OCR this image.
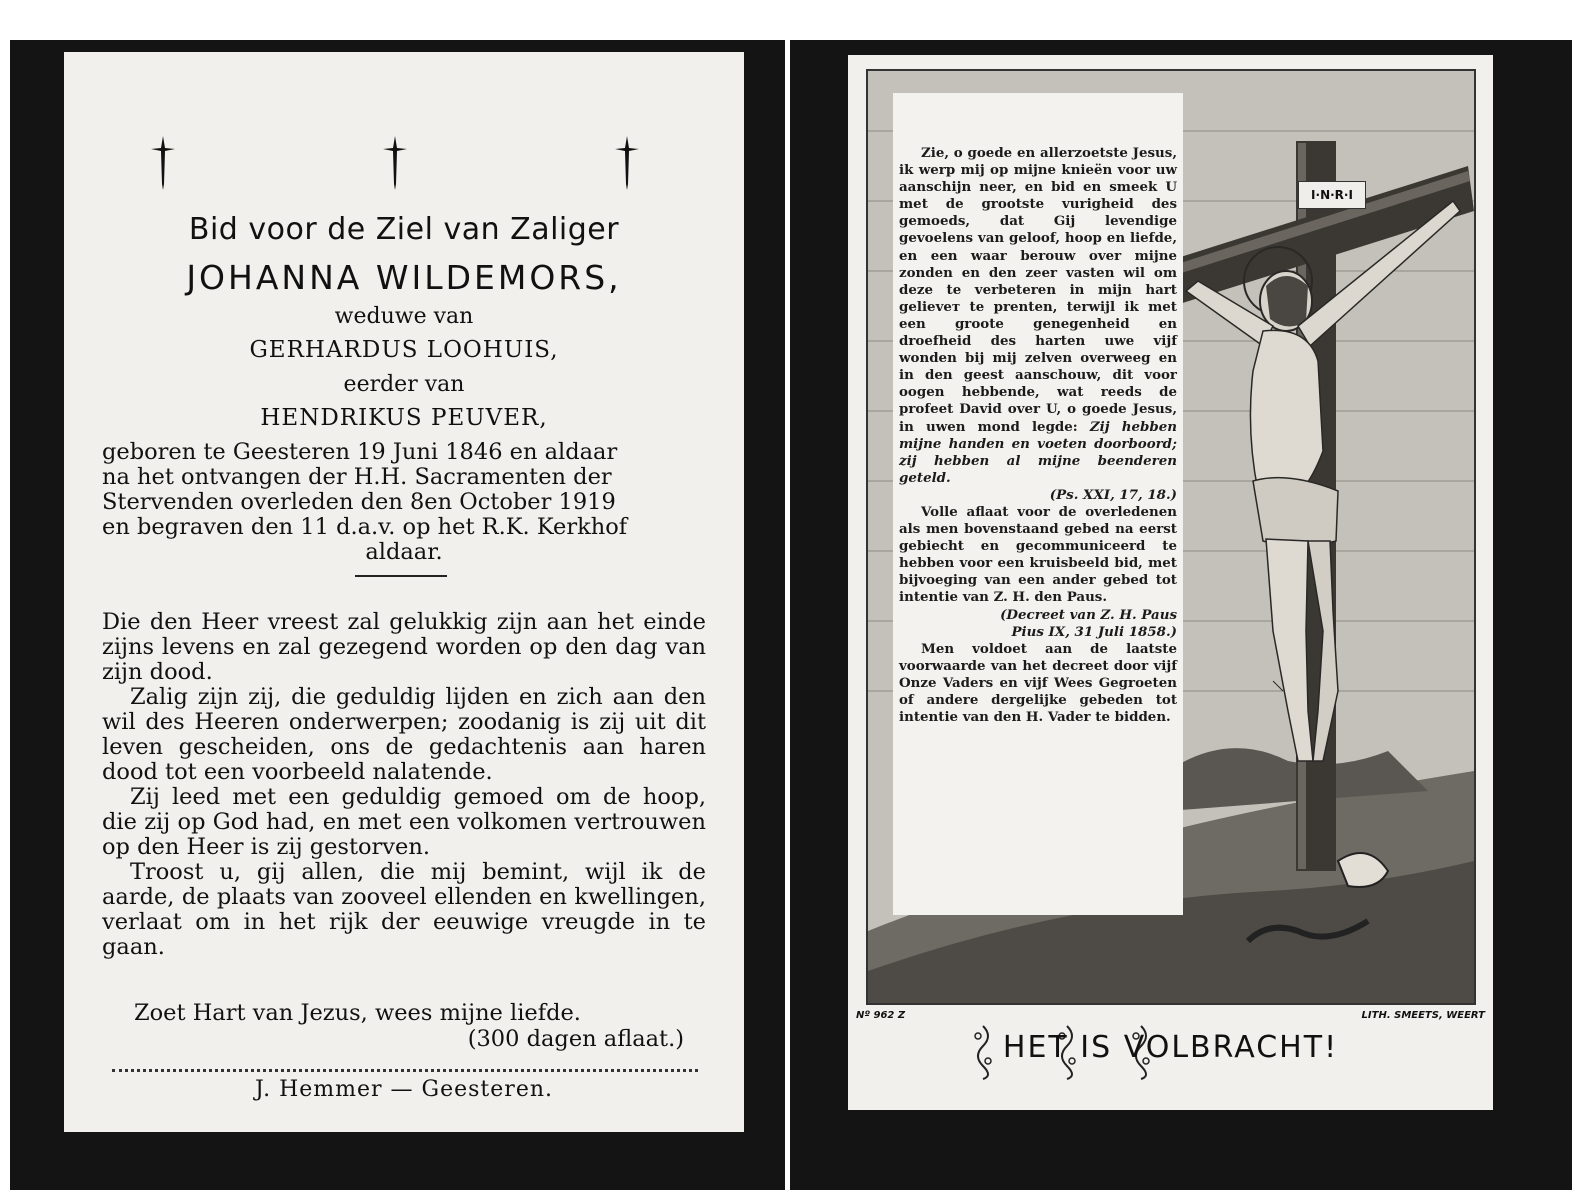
Bid voor de Ziel van Zaliger
JOHANNA WILDEMORS,
weduwe van
GERHARDUS LOOHUIS,
eerder van
HENDRIKUS PEUVER,

geboren te Geesteren 19 Juni 1846 en aldaar

na het ontvangen der H.H. Sacramenten der

Stervenden overleden den 8en October 1919

en begraven den 11 d.a.v. op het R.K. Kerkhof

aldaar.

Die den Heer vreest zal gelukkig zijn aan het einde zijns levens en zal gezegend worden op den dag van zijn dood.

Zalig zijn zij, die geduldig lijden en zich aan den wil des Heeren onderwerpen; zoodanig is zij uit dit leven gescheiden, ons de gedachtenis aan haren dood tot een voorbeeld nalatende.

Zij leed met een geduldig gemoed om de hoop, die zij op God had, en met een volkomen vertrouwen op den Heer is zij gestorven.

Troost u, gij allen, die mij bemint, wijl ik de aarde, de plaats van zooveel ellenden en kwellingen, verlaat om in het rijk der eeuwige vreugde in te gaan.

Zoet Hart van Jezus, wees mijne liefde.
(300 dagen aflaat.)
J. Hemmer — Geesteren.
I·N·R·I

Zie, o goede en allerzoetste Jesus, ik werp mij op mijne knieën voor uw aanschijn neer, en bid en smeek U met de grootste vurigheid des gemoeds, dat Gij levendige gevoelens van geloof, hoop en liefde, en een waar berouw over mijne zonden en den zeer vasten wil om deze te verbeteren in mijn hart gelieveт te prenten, terwijl ik met een groote genegenheid en droefheid des harten uwe vijf wonden bij mij zelven overweeg en in den geest aanschouw, dit voor oogen hebbende, wat reeds de profeet David over U, o goede Jesus, in uwen mond legde: Zij hebben mijne handen en voeten doorboord; zij hebben al mijne beenderen geteld.

(Ps. XXI, 17, 18.)

Volle aflaat voor de overledenen als men bovenstaand gebed na eerst gebiecht en gecommuniceerd te hebben voor een kruisbeeld bid, met bijvoeging van een ander gebed tot intentie van Z. H. den Paus.

(Decreet van Z. H. Paus

Pius IX, 31 Juli 1858.)

Men voldoet aan de laatste voorwaarde van het decreet door vijf Onze Vaders en vijf Wees Gegroeten of andere dergelijke gebeden tot intentie van den H. Vader te bidden.

Nº 962 Z	LITH. SMEETS, WEERT
HET IS VOLBRACHT!
